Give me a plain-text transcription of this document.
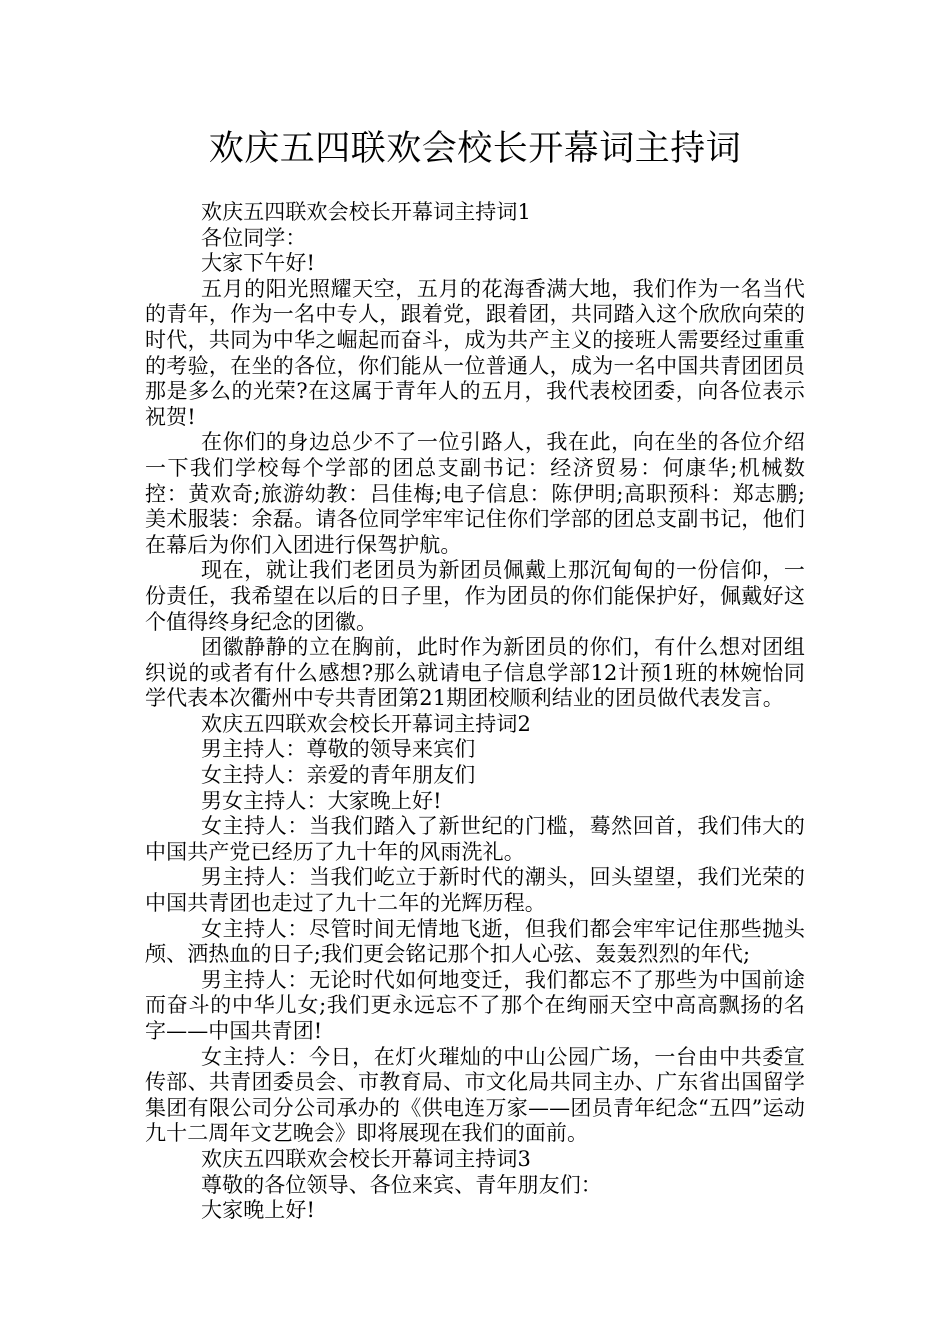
欢庆五四联欢会校长开幕词主持词

欢庆五四联欢会校长开幕词主持词1

各位同学：

大家下午好!

五月的阳光照耀天空，五月的花海香满大地，我们作为一名当代的青年，作为一名中专人，跟着党，跟着团，共同踏入这个欣欣向荣的时代，共同为中华之崛起而奋斗，成为共产主义的接班人需要经过重重的考验，在坐的各位，你们能从一位普通人，成为一名中国共青团团员那是多么的光荣?在这属于青年人的五月，我代表校团委，向各位表示祝贺!

在你们的身边总少不了一位引路人，我在此，向在坐的各位介绍一下我们学校每个学部的团总支副书记：经济贸易：何康华;机械数控：黄欢奇;旅游幼教：吕佳梅;电子信息：陈伊明;高职预科：郑志鹏;美术服装：余磊。请各位同学牢牢记住你们学部的团总支副书记，他们在幕后为你们入团进行保驾护航。

现在，就让我们老团员为新团员佩戴上那沉甸甸的一份信仰，一份责任，我希望在以后的日子里，作为团员的你们能保护好，佩戴好这个值得终身纪念的团徽。

团徽静静的立在胸前，此时作为新团员的你们，有什么想对团组织说的或者有什么感想?那么就请电子信息学部12计预1班的林婉怡同学代表本次衢州中专共青团第21期团校顺利结业的团员做代表发言。

欢庆五四联欢会校长开幕词主持词2

男主持人：尊敬的领导来宾们

女主持人：亲爱的青年朋友们

男女主持人：大家晚上好!

女主持人：当我们踏入了新世纪的门槛，蓦然回首，我们伟大的中国共产党已经历了九十年的风雨洗礼。

男主持人：当我们屹立于新时代的潮头，回头望望，我们光荣的中国共青团也走过了九十二年的光辉历程。

女主持人：尽管时间无情地飞逝，但我们都会牢牢记住那些抛头颅、洒热血的日子;我们更会铭记那个扣人心弦、轰轰烈烈的年代;

男主持人：无论时代如何地变迁，我们都忘不了那些为中国前途而奋斗的中华儿女;我们更永远忘不了那个在绚丽天空中高高飘扬的名字——中国共青团!

女主持人：今日，在灯火璀灿的中山公园广场，一台由中共委宣传部、共青团委员会、市教育局、市文化局共同主办、广东省出国留学集团有限公司分公司承办的《供电连万家——团员青年纪念“五四”运动九十二周年文艺晚会》即将展现在我们的面前。

欢庆五四联欢会校长开幕词主持词3

尊敬的各位领导、各位来宾、青年朋友们：

大家晚上好!
